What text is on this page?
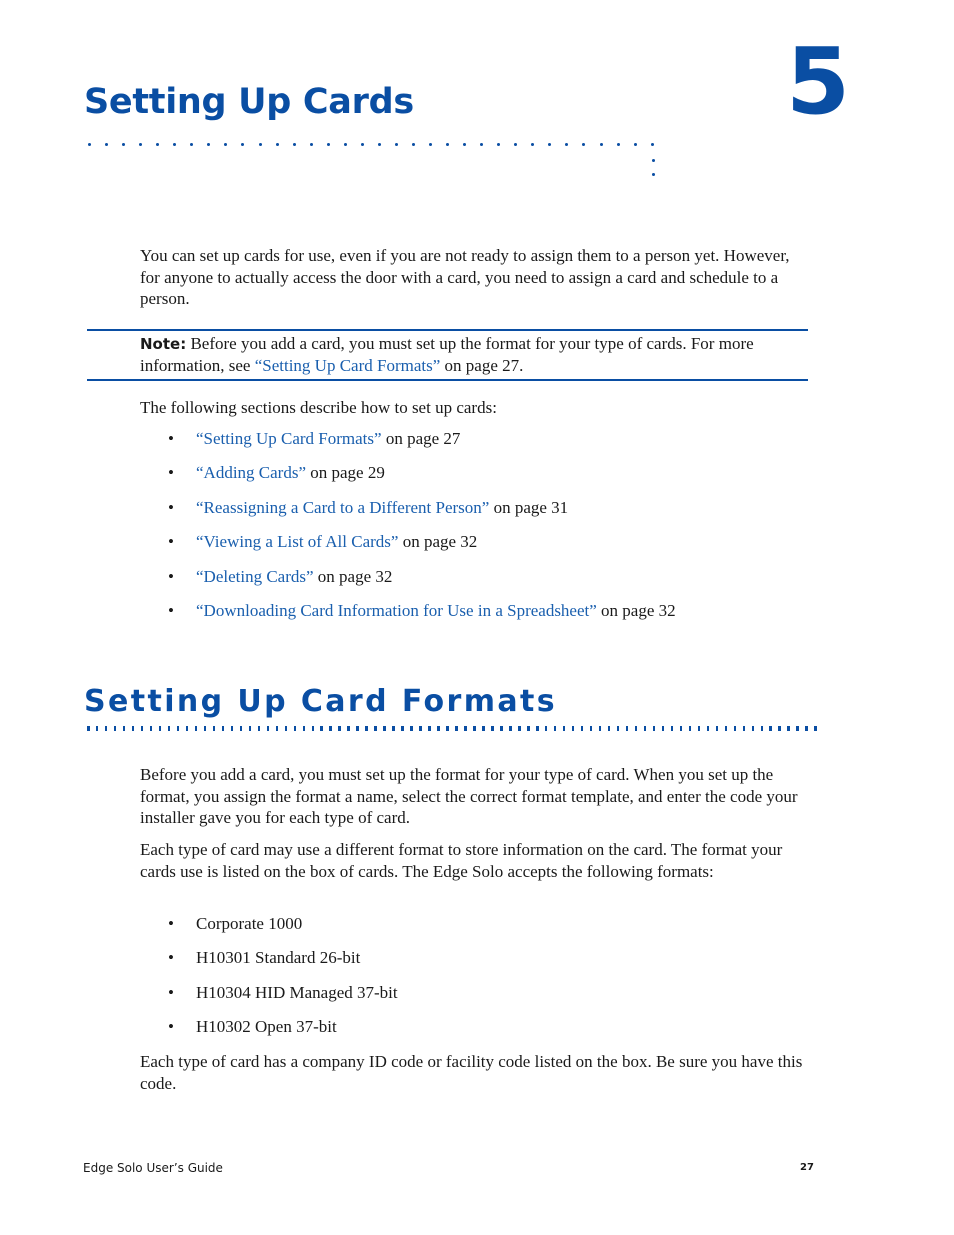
Setting Up Cards	5

You can set up cards for use, even if you are not ready to assign them to a person yet. However, for anyone to actually access the door with a card, you need to assign a card and schedule to a person.

Note: Before you add a card, you must set up the format for your type of cards. For more information, see “Setting Up Card Formats” on page 27.

The following sections describe how to set up cards:

• “Setting Up Card Formats” on page 27
• “Adding Cards” on page 29
• “Reassigning a Card to a Different Person” on page 31
• “Viewing a List of All Cards” on page 32
• “Deleting Cards” on page 32
• “Downloading Card Information for Use in a Spreadsheet” on page 32
Setting Up Card Formats

Before you add a card, you must set up the format for your type of card. When you set up the format, you assign the format a name, select the correct format template, and enter the code your installer gave you for each type of card.

Each type of card may use a different format to store information on the card. The format your cards use is listed on the box of cards. The Edge Solo accepts the following formats:

• Corporate 1000
• H10301 Standard 26-bit
• H10304 HID Managed 37-bit
• H10302 Open 37-bit

Each type of card has a company ID code or facility code listed on the box. Be sure you have this code.

Edge Solo User’s Guide	27
